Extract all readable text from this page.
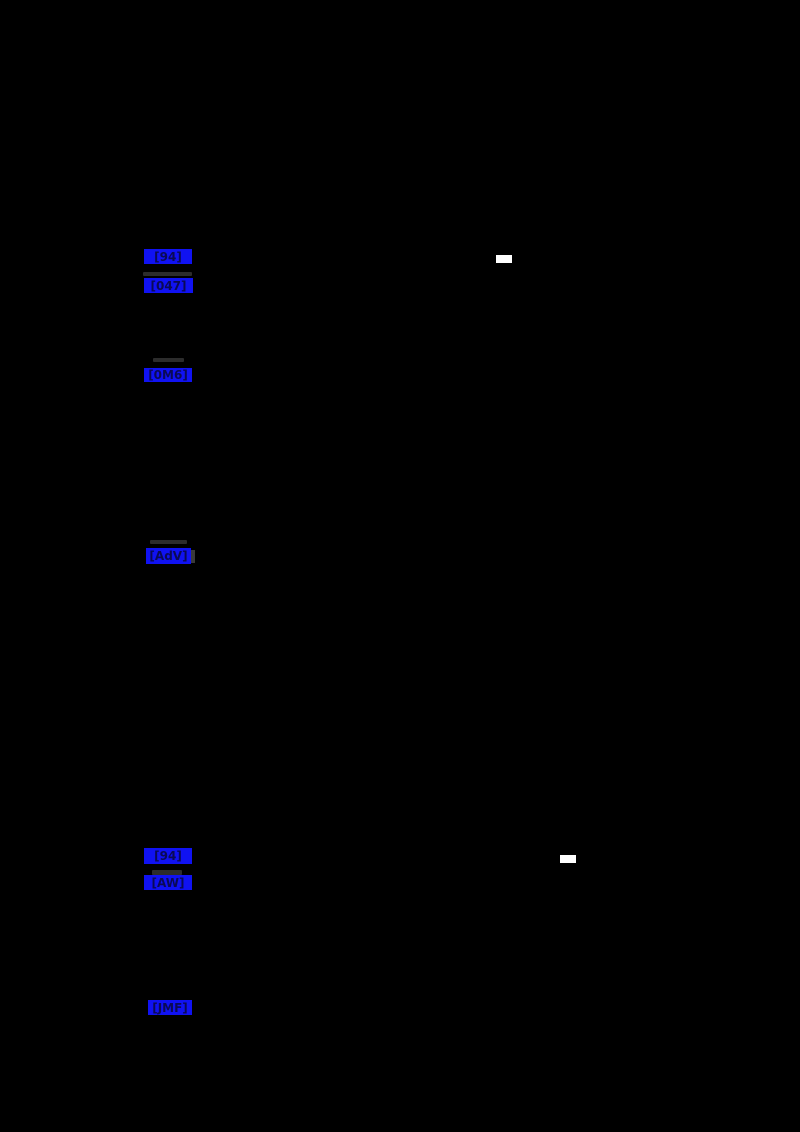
[94]
[047]
[0M6]
[AdV]
[94]
[AW]
[JMF]
